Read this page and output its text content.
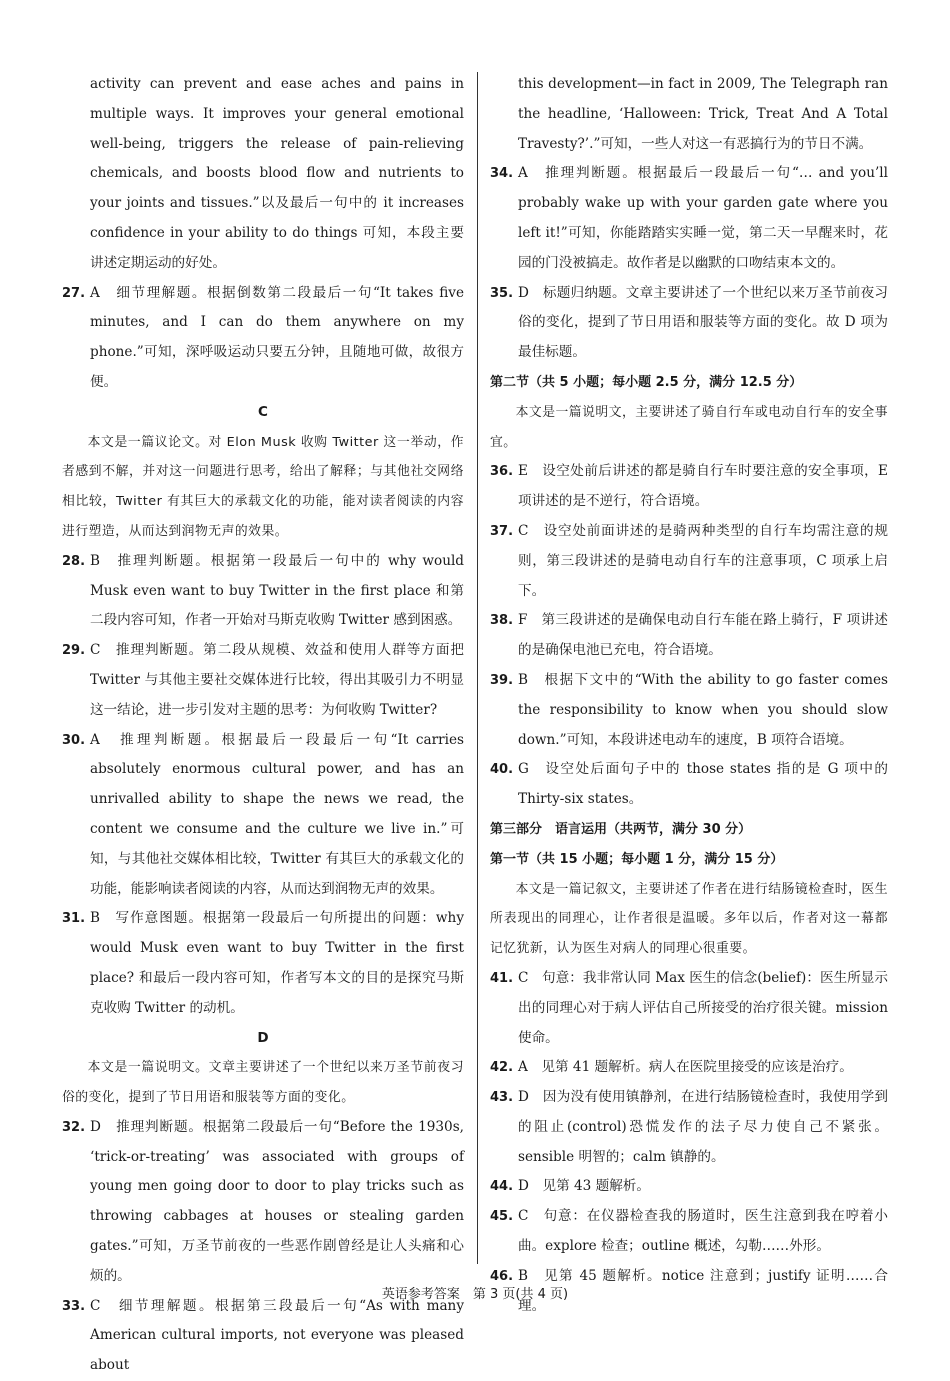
activity can prevent and ease aches and pains in multiple ways. It improves your general emotional well-being, triggers the release of pain-relieving chemicals, and boosts blood flow and nutrients to your joints and tissues.”以及最后一句中的 it increases confidence in your ability to do things 可知，本段主要讲述定期运动的好处。

27. A　细节理解题。根据倒数第二段最后一句“It takes five minutes, and I can do them anywhere on my phone.”可知，深呼吸运动只要五分钟，且随地可做，故很方便。

C

本文是一篇议论文。对 Elon Musk 收购 Twitter 这一举动，作者感到不解，并对这一问题进行思考，给出了解释；与其他社交网络相比较，Twitter 有其巨大的承载文化的功能，能对读者阅读的内容进行塑造，从而达到润物无声的效果。

28. B　推理判断题。根据第一段最后一句中的 why would Musk even want to buy Twitter in the first place 和第二段内容可知，作者一开始对马斯克收购 Twitter 感到困惑。

29. C　推理判断题。第二段从规模、效益和使用人群等方面把 Twitter 与其他主要社交媒体进行比较，得出其吸引力不明显这一结论，进一步引发对主题的思考：为何收购 Twitter?

30. A　推理判断题。根据最后一段最后一句“It carries absolutely enormous cultural power, and has an unrivalled ability to shape the news we read, the content we consume and the culture we live in.”可知，与其他社交媒体相比较，Twitter 有其巨大的承载文化的功能，能影响读者阅读的内容，从而达到润物无声的效果。

31. B　写作意图题。根据第一段最后一句所提出的问题：why would Musk even want to buy Twitter in the first place? 和最后一段内容可知，作者写本文的目的是探究马斯克收购 Twitter 的动机。

D

本文是一篇说明文。文章主要讲述了一个世纪以来万圣节前夜习俗的变化，提到了节日用语和服装等方面的变化。

32. D　推理判断题。根据第二段最后一句“Before the 1930s, ‘trick-or-treating’ was associated with groups of young men going door to door to play tricks such as throwing cabbages at houses or stealing garden gates.”可知，万圣节前夜的一些恶作剧曾经是让人头痛和心烦的。

33. C　细节理解题。根据第三段最后一句“As with many American cultural imports, not everyone was pleased about

this development—in fact in 2009, The Telegraph ran the headline, ‘Halloween: Trick, Treat And A Total Travesty?’.”可知，一些人对这一有恶搞行为的节日不满。

34. A　推理判断题。根据最后一段最后一句“… and you’ll probably wake up with your garden gate where you left it!”可知，你能踏踏实实睡一觉，第二天一早醒来时，花园的门没被搞走。故作者是以幽默的口吻结束本文的。

35. D　标题归纳题。文章主要讲述了一个世纪以来万圣节前夜习俗的变化，提到了节日用语和服装等方面的变化。故 D 项为最佳标题。

第二节（共 5 小题；每小题 2.5 分，满分 12.5 分）

本文是一篇说明文，主要讲述了骑自行车或电动自行车的安全事宜。

36. E　设空处前后讲述的都是骑自行车时要注意的安全事项，E 项讲述的是不逆行，符合语境。

37. C　设空处前面讲述的是骑两种类型的自行车均需注意的规则，第三段讲述的是骑电动自行车的注意事项，C 项承上启下。

38. F　第三段讲述的是确保电动自行车能在路上骑行，F 项讲述的是确保电池已充电，符合语境。

39. B　根据下文中的“With the ability to go faster comes the responsibility to know when you should slow down.”可知，本段讲述电动车的速度，B 项符合语境。

40. G　设空处后面句子中的 those states 指的是 G 项中的 Thirty-six states。

第三部分　语言运用（共两节，满分 30 分）

第一节（共 15 小题；每小题 1 分，满分 15 分）

本文是一篇记叙文，主要讲述了作者在进行结肠镜检查时，医生所表现出的同理心，让作者很是温暖。多年以后，作者对这一幕都记忆犹新，认为医生对病人的同理心很重要。

41. C　句意：我非常认同 Max 医生的信念(belief)：医生所显示出的同理心对于病人评估自己所接受的治疗很关键。mission 使命。

42. A　见第 41 题解析。病人在医院里接受的应该是治疗。

43. D　因为没有使用镇静剂，在进行结肠镜检查时，我使用学到的阻止(control)恐慌发作的法子尽力使自己不紧张。sensible 明智的；calm 镇静的。

44. D　见第 43 题解析。

45. C　句意：在仪器检查我的肠道时，医生注意到我在哼着小曲。explore 检查；outline 概述，勾勒……外形。

46. B　见第 45 题解析。notice 注意到；justify 证明……合理。

英语参考答案　第 3 页(共 4 页)
